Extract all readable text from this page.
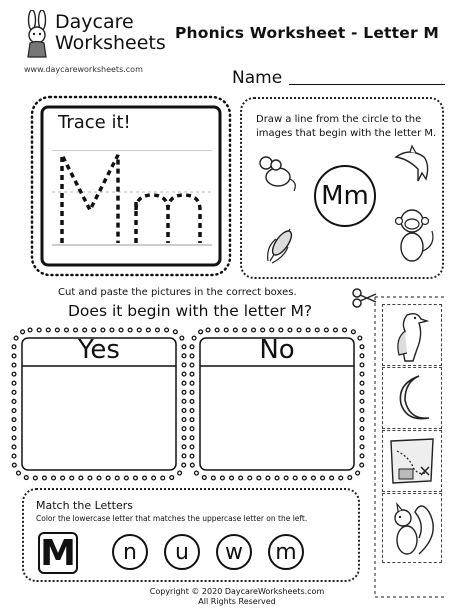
Daycare
Worksheets
www.daycareworksheets.com
Phonics Worksheet - Letter M
Name
Trace it!	Draw a line from the circle to the
images that begin with the letter M.
Mm
Cut and paste the pictures in the correct boxes.
Does it begin with the letter M?
Yes	No
Match the Letters
Color the lowercase letter that matches the uppercase letter on the left.
M	n	u	w	m
Copyright © 2020 DaycareWorksheets.com
All Rights Reserved
